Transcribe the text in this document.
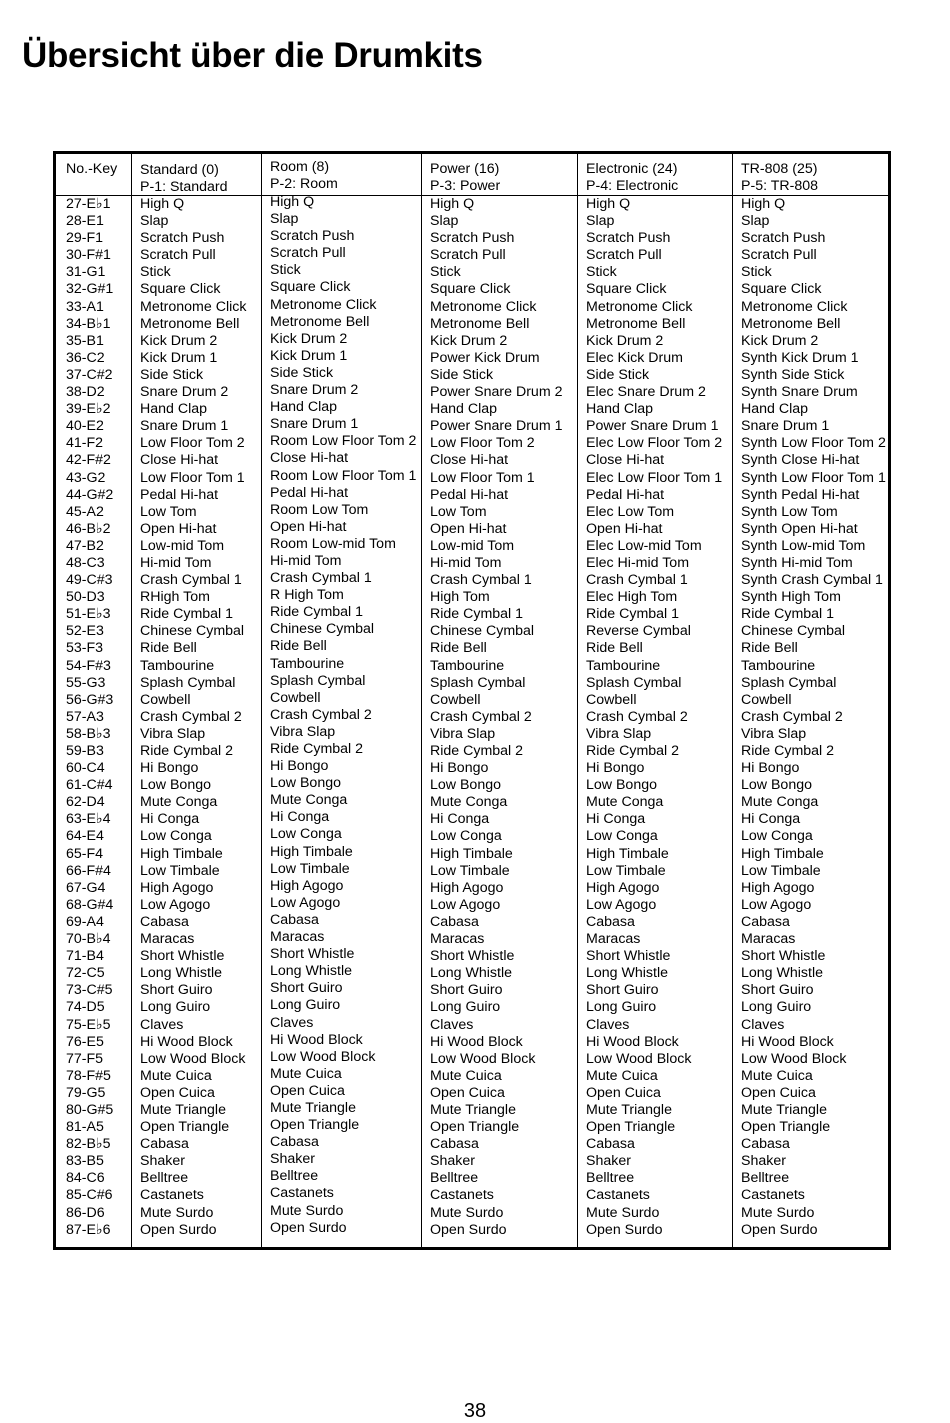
Übersicht über die Drumkits
No.-Key
27-E♭1
28-E1
29-F1
30-F#1
31-G1
32-G#1
33-A1
34-B♭1
35-B1
36-C2
37-C#2
38-D2
39-E♭2
40-E2
41-F2
42-F#2
43-G2
44-G#2
45-A2
46-B♭2
47-B2
48-C3
49-C#3
50-D3
51-E♭3
52-E3
53-F3
54-F#3
55-G3
56-G#3
57-A3
58-B♭3
59-B3
60-C4
61-C#4
62-D4
63-E♭4
64-E4
65-F4
66-F#4
67-G4
68-G#4
69-A4
70-B♭4
71-B4
72-C5
73-C#5
74-D5
75-E♭5
76-E5
77-F5
78-F#5
79-G5
80-G#5
81-A5
82-B♭5
83-B5
84-C6
85-C#6
86-D6
87-E♭6
Standard (0)
P-1: Standard
High Q
Slap
Scratch Push
Scratch Pull
Stick
Square Click
Metronome Click
Metronome Bell
Kick Drum 2
Kick Drum 1
Side Stick
Snare Drum 2
Hand Clap
Snare Drum 1
Low Floor Tom 2
Close Hi-hat
Low Floor Tom 1
Pedal Hi-hat
Low Tom
Open Hi-hat
Low-mid Tom
Hi-mid Tom
Crash Cymbal 1
RHigh Tom
Ride Cymbal 1
Chinese Cymbal
Ride Bell
Tambourine
Splash Cymbal
Cowbell
Crash Cymbal 2
Vibra Slap
Ride Cymbal 2
Hi Bongo
Low Bongo
Mute Conga
Hi Conga
Low Conga
High Timbale
Low Timbale
High Agogo
Low Agogo
Cabasa
Maracas
Short Whistle
Long Whistle
Short Guiro
Long Guiro
Claves
Hi Wood Block
Low Wood Block
Mute Cuica
Open Cuica
Mute Triangle
Open Triangle
Cabasa
Shaker
Belltree
Castanets
Mute Surdo
Open Surdo
Room (8)
P-2: Room
High Q
Slap
Scratch Push
Scratch Pull
Stick
Square Click
Metronome Click
Metronome Bell
Kick Drum 2
Kick Drum 1
Side Stick
Snare Drum 2
Hand Clap
Snare Drum 1
Room Low Floor Tom 2
Close Hi-hat
Room Low Floor Tom 1
Pedal Hi-hat
Room Low Tom
Open Hi-hat
Room Low-mid Tom
Hi-mid Tom
Crash Cymbal 1
R High Tom
Ride Cymbal 1
Chinese Cymbal
Ride Bell
Tambourine
Splash Cymbal
Cowbell
Crash Cymbal 2
Vibra Slap
Ride Cymbal 2
Hi Bongo
Low Bongo
Mute Conga
Hi Conga
Low Conga
High Timbale
Low Timbale
High Agogo
Low Agogo
Cabasa
Maracas
Short Whistle
Long Whistle
Short Guiro
Long Guiro
Claves
Hi Wood Block
Low Wood Block
Mute Cuica
Open Cuica
Mute Triangle
Open Triangle
Cabasa
Shaker
Belltree
Castanets
Mute Surdo
Open Surdo
Power (16)
P-3: Power
High Q
Slap
Scratch Push
Scratch Pull
Stick
Square Click
Metronome Click
Metronome Bell
Kick Drum 2
Power Kick Drum
Side Stick
Power Snare Drum 2
Hand Clap
Power Snare Drum 1
Low Floor Tom 2
Close Hi-hat
Low Floor Tom 1
Pedal Hi-hat
Low Tom
Open Hi-hat
Low-mid Tom
Hi-mid Tom
Crash Cymbal 1
High Tom
Ride Cymbal 1
Chinese Cymbal
Ride Bell
Tambourine
Splash Cymbal
Cowbell
Crash Cymbal 2
Vibra Slap
Ride Cymbal 2
Hi Bongo
Low Bongo
Mute Conga
Hi Conga
Low Conga
High Timbale
Low Timbale
High Agogo
Low Agogo
Cabasa
Maracas
Short Whistle
Long Whistle
Short Guiro
Long Guiro
Claves
Hi Wood Block
Low Wood Block
Mute Cuica
Open Cuica
Mute Triangle
Open Triangle
Cabasa
Shaker
Belltree
Castanets
Mute Surdo
Open Surdo
Electronic (24)
P-4: Electronic
High Q
Slap
Scratch Push
Scratch Pull
Stick
Square Click
Metronome Click
Metronome Bell
Kick Drum 2
Elec Kick Drum
Side Stick
Elec Snare Drum 2
Hand Clap
Power Snare Drum 1
Elec Low Floor Tom 2
Close Hi-hat
Elec Low Floor Tom 1
Pedal Hi-hat
Elec Low Tom
Open Hi-hat
Elec Low-mid Tom
Elec Hi-mid Tom
Crash Cymbal 1
Elec High Tom
Ride Cymbal 1
Reverse Cymbal
Ride Bell
Tambourine
Splash Cymbal
Cowbell
Crash Cymbal 2
Vibra Slap
Ride Cymbal 2
Hi Bongo
Low Bongo
Mute Conga
Hi Conga
Low Conga
High Timbale
Low Timbale
High Agogo
Low Agogo
Cabasa
Maracas
Short Whistle
Long Whistle
Short Guiro
Long Guiro
Claves
Hi Wood Block
Low Wood Block
Mute Cuica
Open Cuica
Mute Triangle
Open Triangle
Cabasa
Shaker
Belltree
Castanets
Mute Surdo
Open Surdo
TR-808 (25)
P-5: TR-808
High Q
Slap
Scratch Push
Scratch Pull
Stick
Square Click
Metronome Click
Metronome Bell
Kick Drum 2
Synth Kick Drum 1
Synth Side Stick
Synth Snare Drum
Hand Clap
Snare Drum 1
Synth Low Floor Tom 2
Synth Close Hi-hat
Synth Low Floor Tom 1
Synth Pedal Hi-hat
Synth Low Tom
Synth Open Hi-hat
Synth Low-mid Tom
Synth Hi-mid Tom
Synth Crash Cymbal 1
Synth High Tom
Ride Cymbal 1
Chinese Cymbal
Ride Bell
Tambourine
Splash Cymbal
Cowbell
Crash Cymbal 2
Vibra Slap
Ride Cymbal 2
Hi Bongo
Low Bongo
Mute Conga
Hi Conga
Low Conga
High Timbale
Low Timbale
High Agogo
Low Agogo
Cabasa
Maracas
Short Whistle
Long Whistle
Short Guiro
Long Guiro
Claves
Hi Wood Block
Low Wood Block
Mute Cuica
Open Cuica
Mute Triangle
Open Triangle
Cabasa
Shaker
Belltree
Castanets
Mute Surdo
Open Surdo
38
